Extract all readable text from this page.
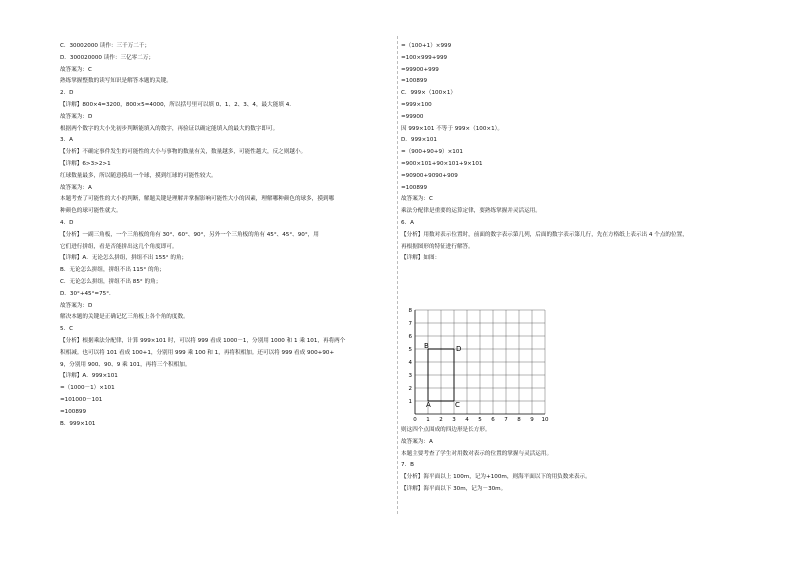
C．30002000 读作：三千万二千；
D．300020000 读作：三亿零二万；
故答案为：C
熟练掌握整数的读写知识是解答本题的关键。
2．D
【详解】800×4=3200，800×5=4000，所以括号里可以填 0、1、2、3、4，最大能填 4.
故答案为：D
根据两个数字的大小先初步判断能填入的数字，再验证以确定能填入的最大的数字即可。
3．A
【分析】不确定事件发生的可能性的大小与事物的数量有关，数量越多，可能性越大，反之则越小。
【详解】6>3>2>1
红球数量最多，所以随意摸出一个球，摸到红球的可能性较大。
故答案为：A
本题考查了可能性的大小的判断，解题关键是理解并掌握影响可能性大小的因素，理解哪种颜色的球多，摸到哪
种颜色的球可能性就大。
4．D
【分析】一副三角板，一个三角板的角有 30°、60°、90°，另外一个三角板的角有 45°、45°、90°，用
它们进行拼组，看是否能拼出这几个角度即可。
【详解】A．无论怎么拼组，拼组不出 155° 的角；
B．无论怎么拼组，拼组不出 115° 的角；
C．无论怎么拼组，拼组不出 85° 的角；
D．30°+45°=75°．
故答案为：D
解决本题的关键是正确记忆三角板上各个角的度数。
5．C
【分析】根据乘法分配律，计算 999×101 时，可以将 999 看成 1000－1，分别用 1000 和 1 乘 101，再将两个
积相减。也可以将 101 看成 100+1，分别用 999 乘 100 和 1，再将积相加。还可以将 999 看成 900+90+
9，分别用 900、90、9 乘 101，再将三个积相加。
【详解】A．999×101
=（1000－1）×101
=101000－101
=100899
B．999×101
=（100+1）×999
=100×999+999
=99900+999
=100899
C．999×（100×1）
=999×100
=99900
因 999×101 不等于 999×（100×1）。
D．999×101
=（900+90+9）×101
=900×101+90×101+9×101
=90900+9090+909
=100899
故答案为：C
乘法分配律是重要的运算定律，要熟练掌握并灵活运用。
6．A
【分析】用数对表示位置时，前面的数字表示第几列，后面的数字表示第几行，先在方格纸上表示出 4 个点的位置，
再根据图形的特征进行解答。
【详解】如图：
则这四个点围成的四边形是长方形。
故答案为：A
本题主要考查了学生对用数对表示的位置的掌握与灵活运用。
7．B
【分析】海平面以上 100m，记为+100m，则海平面以下的用负数来表示。
【详解】海平面以下 30m，记为－30m。
0 1 2 3 4 5 6 7 8 9 10
1
2
3
4
5
6
7
8
A
B
C
D
